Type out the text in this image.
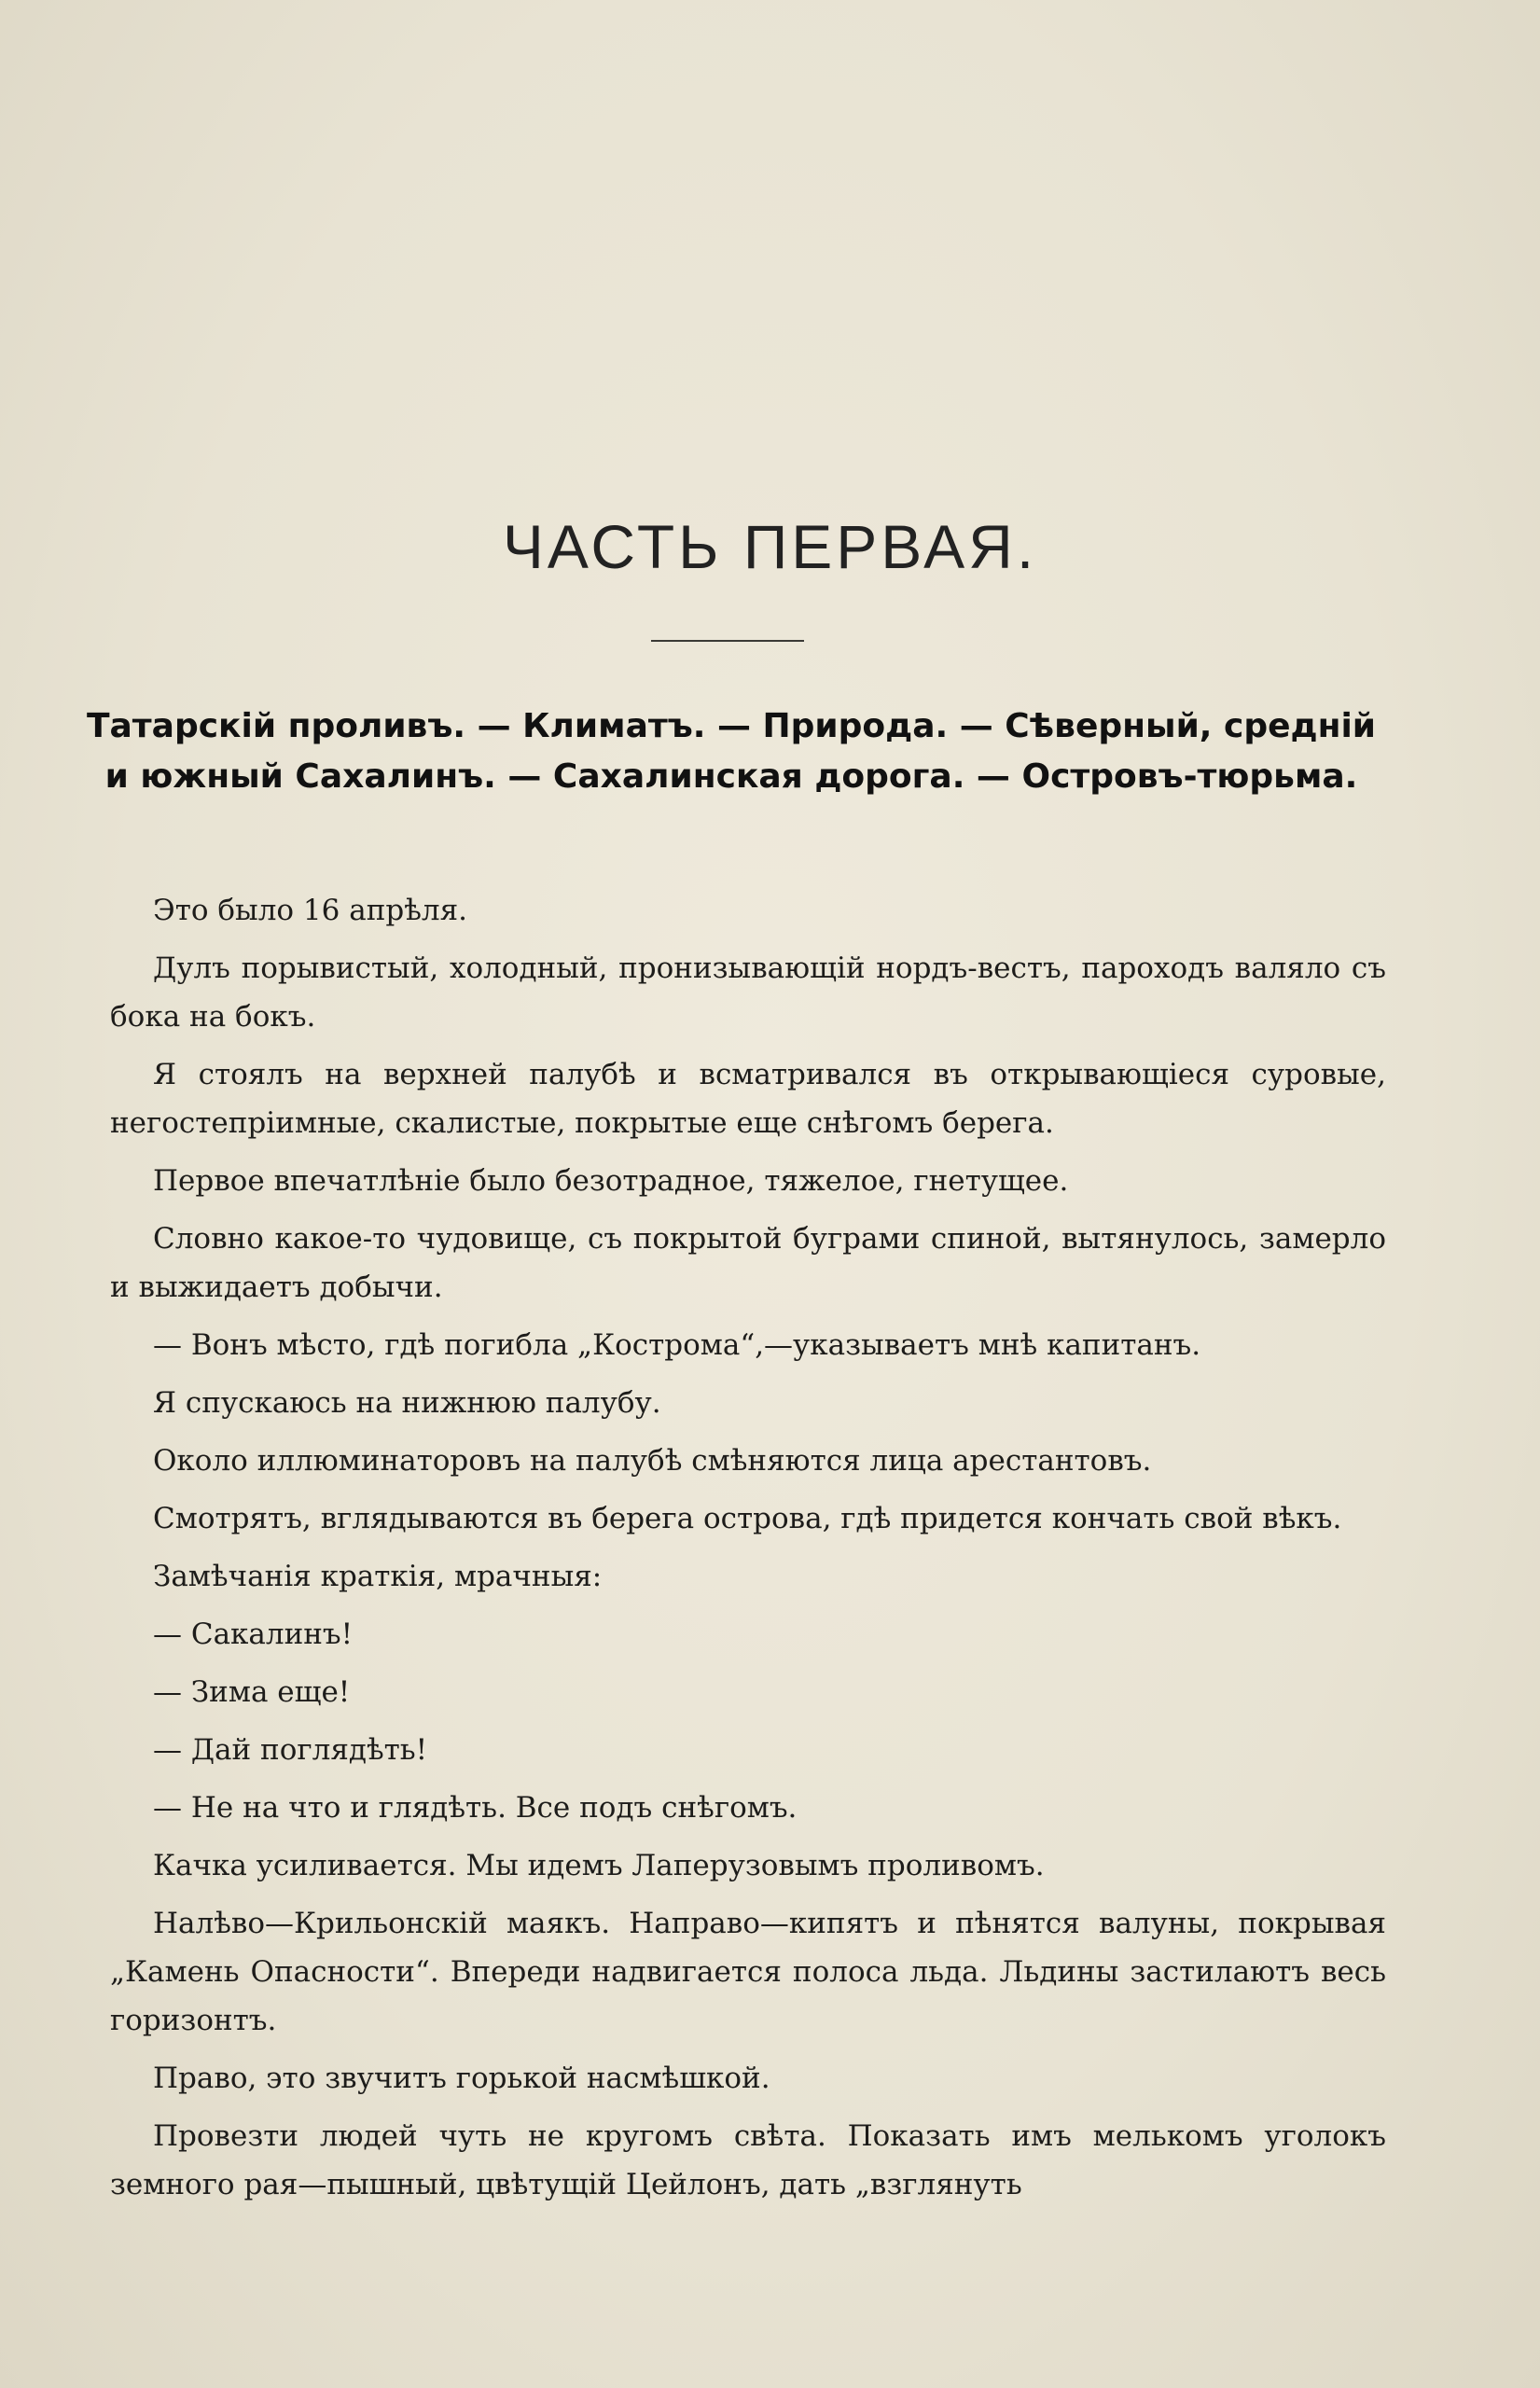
ЧАСТЬ ПЕРВАЯ.

Татарскій проливъ. — Климатъ. — Природа. — Сѣверный, средній и южный Сахалинъ. — Сахалинская дорога. — Островъ-тюрьма.

Это было 16 апрѣля.

Дулъ порывистый, холодный, пронизывающій нордъ-вестъ, пароходъ валяло съ бока на бокъ.

Я стоялъ на верхней палубѣ и всматривался въ открывающіеся суровые, негостепріимные, скалистые, покрытые еще снѣгомъ берега.

Первое впечатлѣніе было безотрадное, тяжелое, гнетущее.

Словно какое-то чудовище, съ покрытой буграми спиной, вытянулось, замерло и выжидаетъ добычи.

— Вонъ мѣсто, гдѣ погибла „Кострома“,—указываетъ мнѣ капитанъ.

Я спускаюсь на нижнюю палубу.

Около иллюминаторовъ на палубѣ смѣняются лица арестантовъ.

Смотрятъ, вглядываются въ берега острова, гдѣ придется кончать свой вѣкъ.

Замѣчанія краткія, мрачныя:

— Сакалинъ!

— Зима еще!

— Дай поглядѣть!

— Не на что и глядѣть. Все подъ снѣгомъ.

Качка усиливается. Мы идемъ Лаперузовымъ проливомъ.

Налѣво—Крильонскій маякъ. Направо—кипятъ и пѣнятся валуны, покрывая „Камень Опасности“. Впереди надвигается полоса льда. Льдины застилаютъ весь горизонтъ.

Право, это звучитъ горькой насмѣшкой.

Провезти людей чуть не кругомъ свѣта. Показать имъ мелькомъ уголокъ земного рая—пышный, цвѣтущій Цейлонъ, дать „взглянуть
